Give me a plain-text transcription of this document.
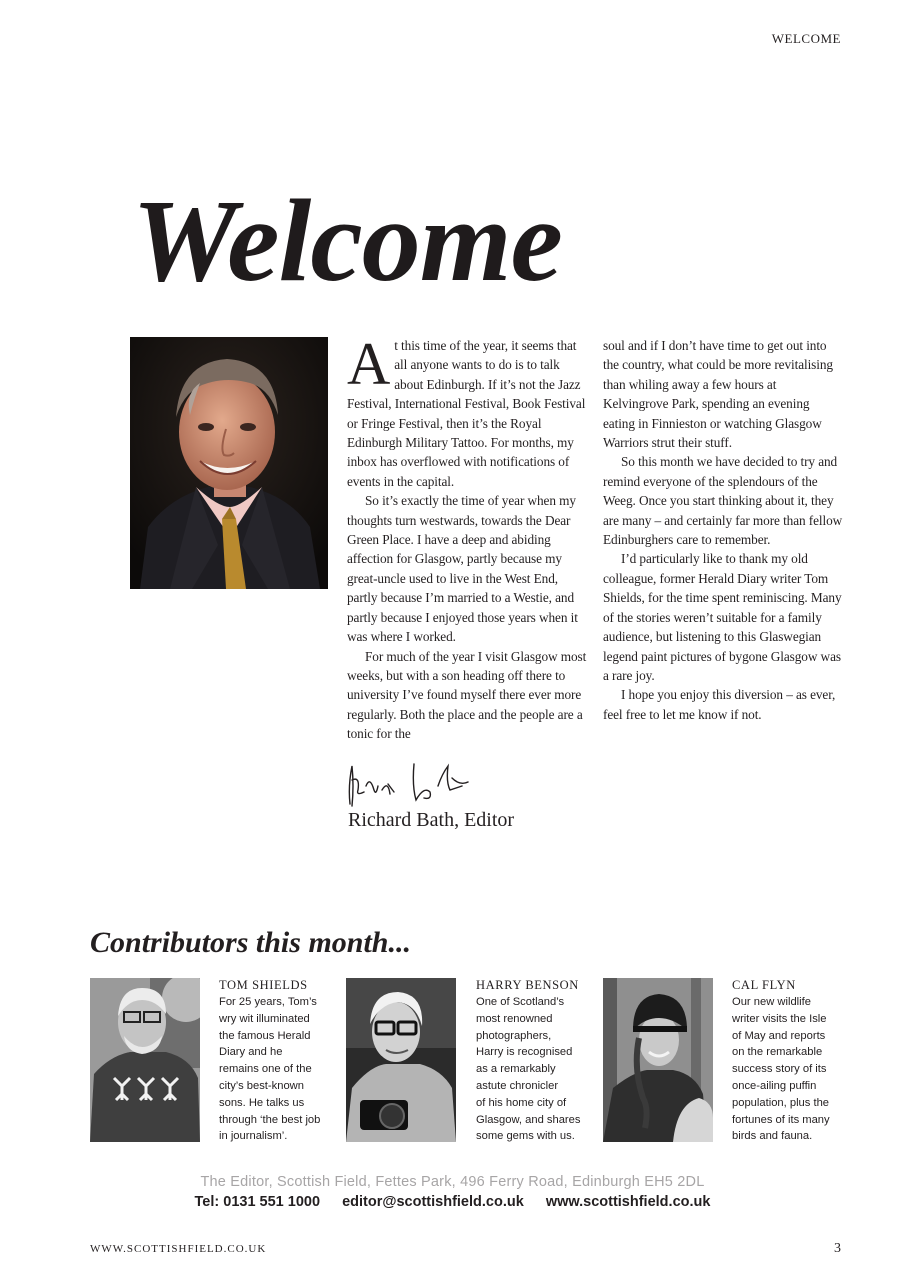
WELCOME
Welcome

At this time of the year, it seems that all anyone wants to do is to talk about Edinburgh. If it’s not the Jazz Festival, International Festival, Book Festival or Fringe Festival, then it’s the Royal Edinburgh Military Tattoo. For months, my inbox has overflowed with notifications of events in the capital.

So it’s exactly the time of year when my thoughts turn westwards, towards the Dear Green Place. I have a deep and abiding affection for Glasgow, partly because my great-uncle used to live in the West End, partly because I’m married to a Westie, and partly because I enjoyed those years when it was where I worked.

For much of the year I visit Glasgow most weeks, but with a son heading off there to university I’ve found myself there ever more regularly. Both the place and the people are a tonic for the

soul and if I don’t have time to get out into the country, what could be more revitalising than whiling away a few hours at Kelvingrove Park, spending an evening eating in Finnieston or watching Glasgow Warriors strut their stuff.

So this month we have decided to try and remind everyone of the splendours of the Weeg. Once you start thinking about it, they are many – and certainly far more than fellow Edinburghers care to remember.

I’d particularly like to thank my old colleague, former Herald Diary writer Tom Shields, for the time spent reminiscing. Many of the stories weren’t suitable for a family audience, but listening to this Glaswegian legend paint pictures of bygone Glasgow was a rare joy.

I hope you enjoy this diversion – as ever, feel free to let me know if not.

Richard Bath, Editor
Contributors this month...
TOM SHIELDS
For 25 years, Tom’s
wry wit illuminated
the famous Herald
Diary and he
remains one of the
city’s best-known
sons. He talks us
through ‘the best job
in journalism’.
HARRY BENSON
One of Scotland’s
most renowned
photographers,
Harry is recognised
as a remarkably
astute chronicler
of his home city of
Glasgow, and shares
some gems with us.
CAL FLYN
Our new wildlife
writer visits the Isle
of May and reports
on the remarkable
success story of its
once-ailing puffin
population, plus the
fortunes of its many
birds and fauna.
The Editor, Scottish Field, Fettes Park, 496 Ferry Road, Edinburgh EH5 2DL
Tel: 0131 551 1000 editor@scottishfield.co.uk www.scottishfield.co.uk
WWW.SCOTTISHFIELD.CO.UK	3
